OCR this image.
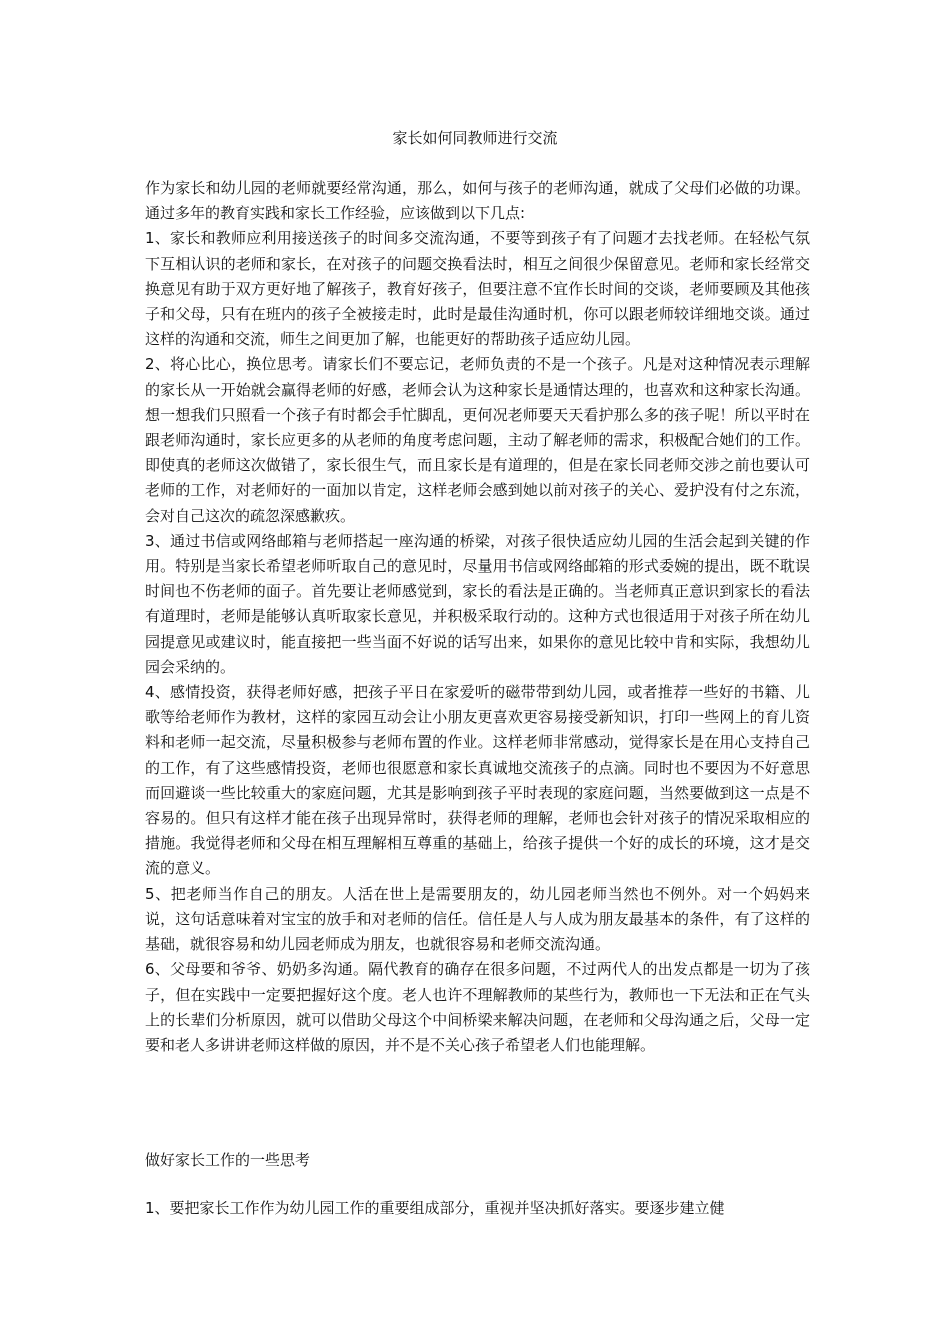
家长如何同教师进行交流

作为家长和幼儿园的老师就要经常沟通，那么，如何与孩子的老师沟通，就成了父母们必做的功课。通过多年的教育实践和家长工作经验，应该做到以下几点:

1、家长和教师应利用接送孩子的时间多交流沟通，不要等到孩子有了问题才去找老师。在轻松气氛下互相认识的老师和家长，在对孩子的问题交换看法时，相互之间很少保留意见。老师和家长经常交换意见有助于双方更好地了解孩子，教育好孩子，但要注意不宜作长时间的交谈，老师要顾及其他孩子和父母，只有在班内的孩子全被接走时，此时是最佳沟通时机，你可以跟老师较详细地交谈。通过这样的沟通和交流，师生之间更加了解，也能更好的帮助孩子适应幼儿园。

2、将心比心，换位思考。请家长们不要忘记，老师负责的不是一个孩子。凡是对这种情况表示理解的家长从一开始就会赢得老师的好感，老师会认为这种家长是通情达理的，也喜欢和这种家长沟通。想一想我们只照看一个孩子有时都会手忙脚乱，更何况老师要天天看护那么多的孩子呢！所以平时在跟老师沟通时，家长应更多的从老师的角度考虑问题，主动了解老师的需求，积极配合她们的工作。即使真的老师这次做错了，家长很生气，而且家长是有道理的，但是在家长同老师交涉之前也要认可老师的工作，对老师好的一面加以肯定，这样老师会感到她以前对孩子的关心、爱护没有付之东流，会对自己这次的疏忽深感歉疚。

3、通过书信或网络邮箱与老师搭起一座沟通的桥梁，对孩子很快适应幼儿园的生活会起到关键的作用。特别是当家长希望老师听取自己的意见时，尽量用书信或网络邮箱的形式委婉的提出，既不耽误时间也不伤老师的面子。首先要让老师感觉到，家长的看法是正确的。当老师真正意识到家长的看法有道理时，老师是能够认真听取家长意见，并积极采取行动的。这种方式也很适用于对孩子所在幼儿园提意见或建议时，能直接把一些当面不好说的话写出来，如果你的意见比较中肯和实际，我想幼儿园会采纳的。

4、感情投资，获得老师好感，把孩子平日在家爱听的磁带带到幼儿园，或者推荐一些好的书籍、儿歌等给老师作为教材，这样的家园互动会让小朋友更喜欢更容易接受新知识，打印一些网上的育儿资料和老师一起交流，尽量积极参与老师布置的作业。这样老师非常感动，觉得家长是在用心支持自己的工作，有了这些感情投资，老师也很愿意和家长真诚地交流孩子的点滴。同时也不要因为不好意思而回避谈一些比较重大的家庭问题，尤其是影响到孩子平时表现的家庭问题，当然要做到这一点是不容易的。但只有这样才能在孩子出现异常时，获得老师的理解，老师也会针对孩子的情况采取相应的措施。我觉得老师和父母在相互理解相互尊重的基础上，给孩子提供一个好的成长的环境，这才是交流的意义。

5、把老师当作自己的朋友。人活在世上是需要朋友的，幼儿园老师当然也不例外。对一个妈妈来说，这句话意味着对宝宝的放手和对老师的信任。信任是人与人成为朋友最基本的条件，有了这样的基础，就很容易和幼儿园老师成为朋友，也就很容易和老师交流沟通。

6、父母要和爷爷、奶奶多沟通。隔代教育的确存在很多问题，不过两代人的出发点都是一切为了孩子，但在实践中一定要把握好这个度。老人也许不理解教师的某些行为，教师也一下无法和正在气头上的长辈们分析原因，就可以借助父母这个中间桥梁来解决问题，在老师和父母沟通之后，父母一定要和老人多讲讲老师这样做的原因，并不是不关心孩子希望老人们也能理解。

做好家长工作的一些思考
1、要把家长工作作为幼儿园工作的重要组成部分，重视并坚决抓好落实。要逐步建立健
